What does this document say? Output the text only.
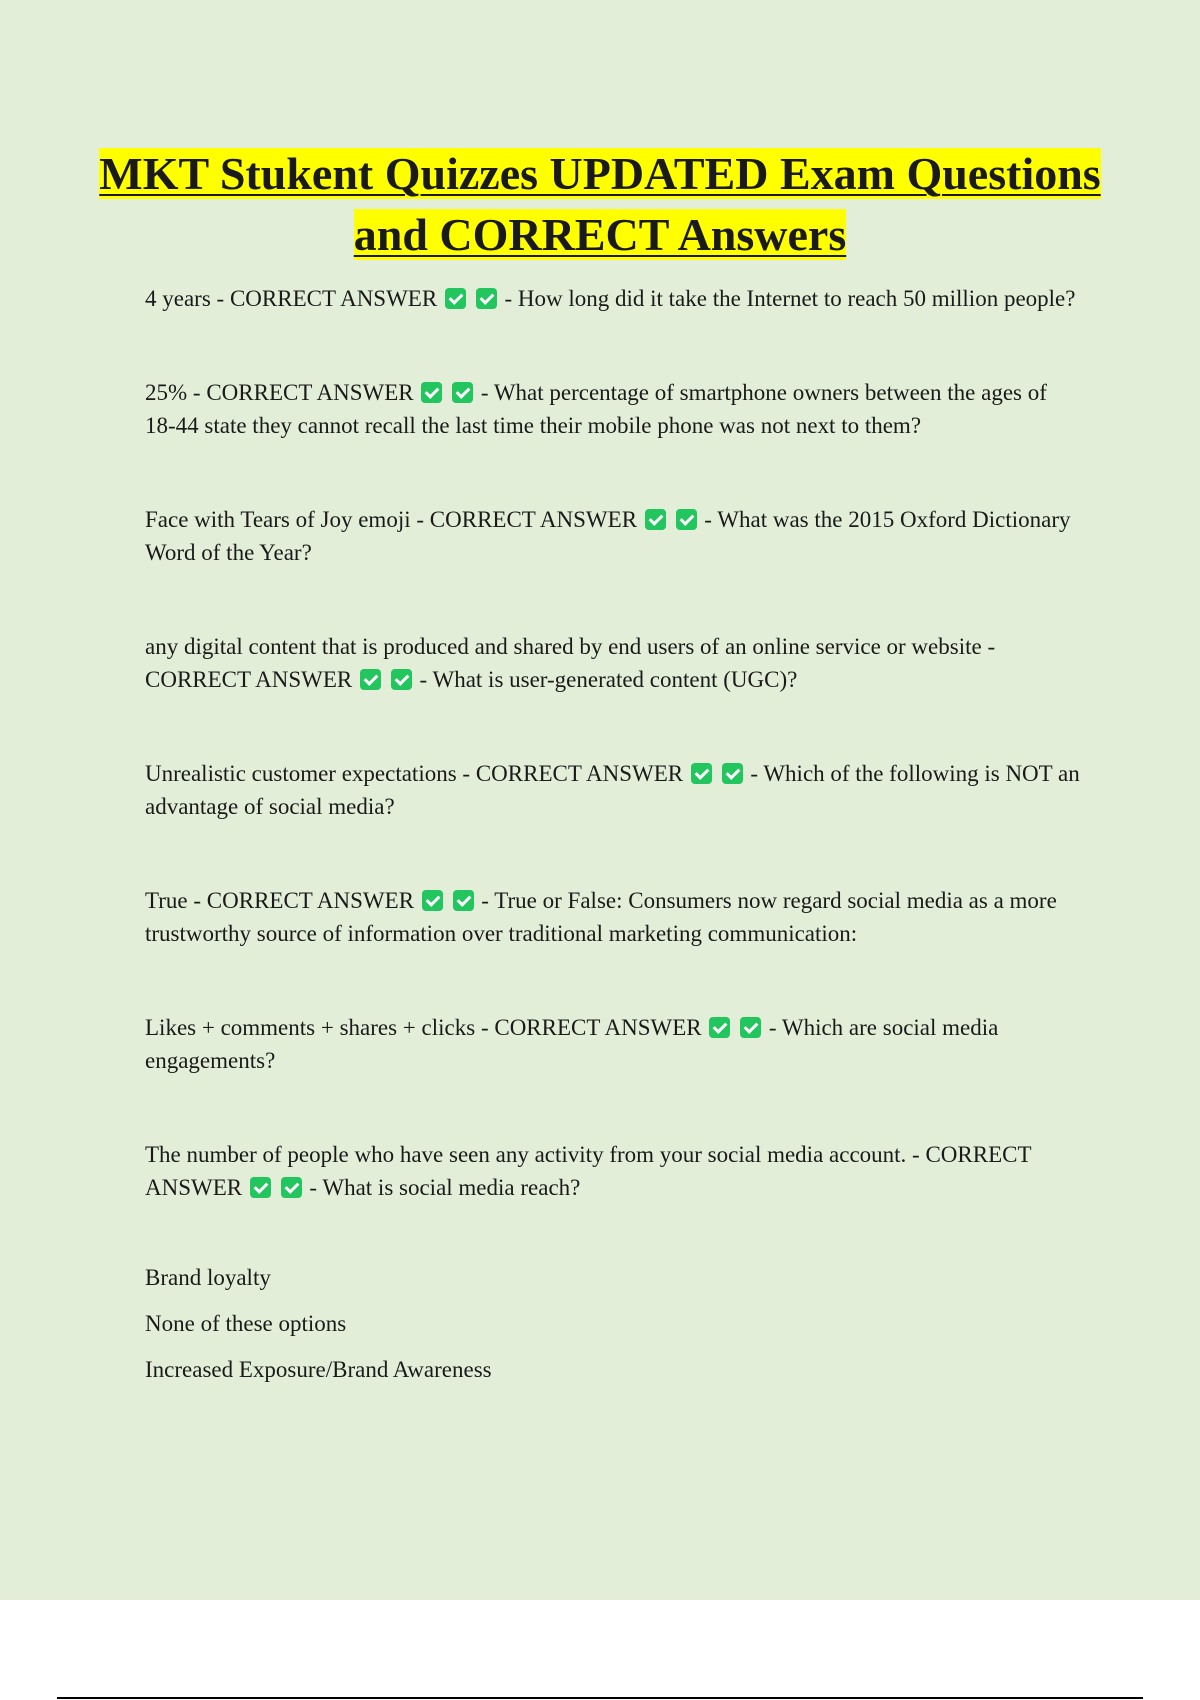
MKT Stukent Quizzes UPDATED Exam Questions and CORRECT Answers

4 years - CORRECT ANSWER	- How long did it take the Internet to reach 50 million people?

25% - CORRECT ANSWER	- What percentage of smartphone owners between the ages of 18-44 state they cannot recall the last time their mobile phone was not next to them?

Face with Tears of Joy emoji - CORRECT ANSWER	- What was the 2015 Oxford Dictionary Word of the Year?

any digital content that is produced and shared by end users of an online service or website - CORRECT ANSWER	- What is user-generated content (UGC)?

Unrealistic customer expectations - CORRECT ANSWER	- Which of the following is NOT an advantage of social media?

True - CORRECT ANSWER	- True or False: Consumers now regard social media as a more trustworthy source of information over traditional marketing communication:

Likes + comments + shares + clicks - CORRECT ANSWER	- Which are social media engagements?

The number of people who have seen any activity from your social media account. - CORRECT ANSWER	- What is social media reach?

Brand loyalty

None of these options

Increased Exposure/Brand Awareness
